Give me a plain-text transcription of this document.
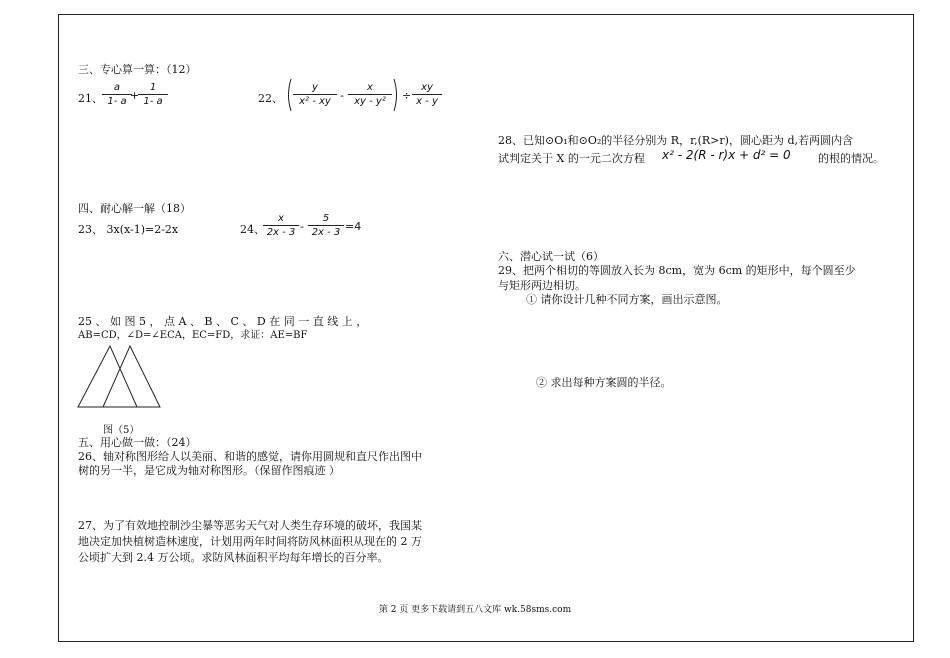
三、专心算一算：（12）
21、 $\frac{a}{1- a}$
+
$\frac{1}{1- a}$	22、 $\frac{y}{\text{x² - xy}} - \frac{x}{\text{xy - y²}} \div \frac{xy}{x - y}$
四、耐心解一解（18）
23、 3x(x-1)=2-2x	24、
$\frac{x}{2x - 3} - \frac{5}{2x - 3} =4$
25 、 如 图 5 ， 点 A 、 B 、 C 、 D 在 同 一 直 线 上 ，
AB=CD，∠D=∠ECA，EC=FD，求证：AE=BF
图（5）
五、用心做一做：（24）
26、轴对称图形给人以美丽、和谐的感觉，请你用圆规和直尺作出图中
树的另一半，是它成为轴对称图形。（保留作图痕迹 ）
27、为了有效地控制沙尘暴等恶劣天气对人类生存环境的破坏，我国某
地决定加快植树造林速度，计划用两年时间将防风林面积从现在的 2 万
公顷扩大到 2.4 万公顷。求防风林面积平均每年增长的百分率。
28、已知⊙O₁和⊙O₂的半径分别为 R，r,(R>r)，圆心距为 d,若两圆内含
试判定关于 X 的一元二次方程 x² - 2(R - r)x + d² = 0 的根的情况。
六、潜心试一试（6）
29、把两个相切的等圆放入长为 8cm，宽为 6cm 的矩形中，每个圆至少
与矩形两边相切。
① 请你设计几种不同方案，画出示意图。
② 求出每种方案圆的半径。
第 2 页 更多下载请到五八文库 wk.58sms.com
